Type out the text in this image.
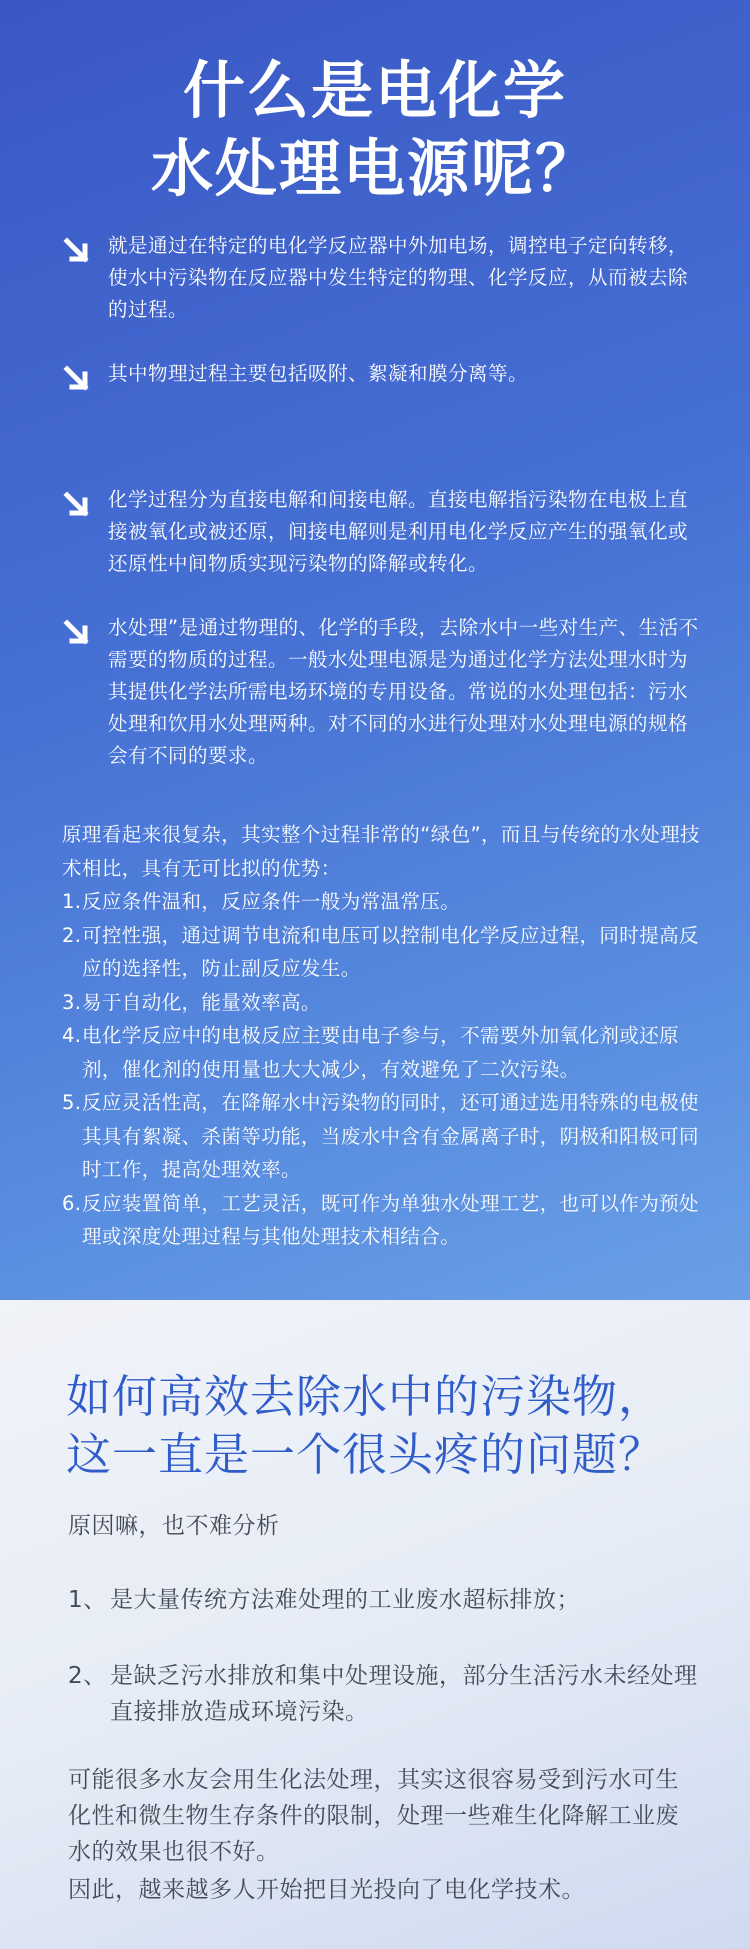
什么是电化学
水处理电源呢？
就是通过在特定的电化学反应器中外加电场，调控电子定向转移，使水中污染物在反应器中发生特定的物理、化学反应，从而被去除的过程。
其中物理过程主要包括吸附、絮凝和膜分离等。
化学过程分为直接电解和间接电解。直接电解指污染物在电极上直接被氧化或被还原，间接电解则是利用电化学反应产生的强氧化或还原性中间物质实现污染物的降解或转化。
水处理”是通过物理的、化学的手段，去除水中一些对生产、生活不需要的物质的过程。一般水处理电源是为通过化学方法处理水时为其提供化学法所需电场环境的专用设备。常说的水处理包括：污水处理和饮用水处理两种。对不同的水进行处理对水处理电源的规格会有不同的要求。
原理看起来很复杂，其实整个过程非常的“绿色”，而且与传统的水处理技术相比，具有无可比拟的优势：
1. 反应条件温和，反应条件一般为常温常压。
2. 可控性强，通过调节电流和电压可以控制电化学反应过程，同时提高反应的选择性，防止副反应发生。
3. 易于自动化，能量效率高。
4. 电化学反应中的电极反应主要由电子参与，不需要外加氧化剂或还原剂，催化剂的使用量也大大减少，有效避免了二次污染。
5. 反应灵活性高，在降解水中污染物的同时，还可通过选用特殊的电极使其具有絮凝、杀菌等功能，当废水中含有金属离子时，阴极和阳极可同时工作，提高处理效率。
6. 反应装置简单，工艺灵活，既可作为单独水处理工艺，也可以作为预处理或深度处理过程与其他处理技术相结合。
如何高效去除水中的污染物，
这一直是一个很头疼的问题？
原因嘛，也不难分析
1、 是大量传统方法难处理的工业废水超标排放；
2、 是缺乏污水排放和集中处理设施，部分生活污水未经处理直接排放造成环境污染。
可能很多水友会用生化法处理，其实这很容易受到污水可生化性和微生物生存条件的限制，处理一些难生化降解工业废水的效果也很不好。
因此，越来越多人开始把目光投向了电化学技术。
